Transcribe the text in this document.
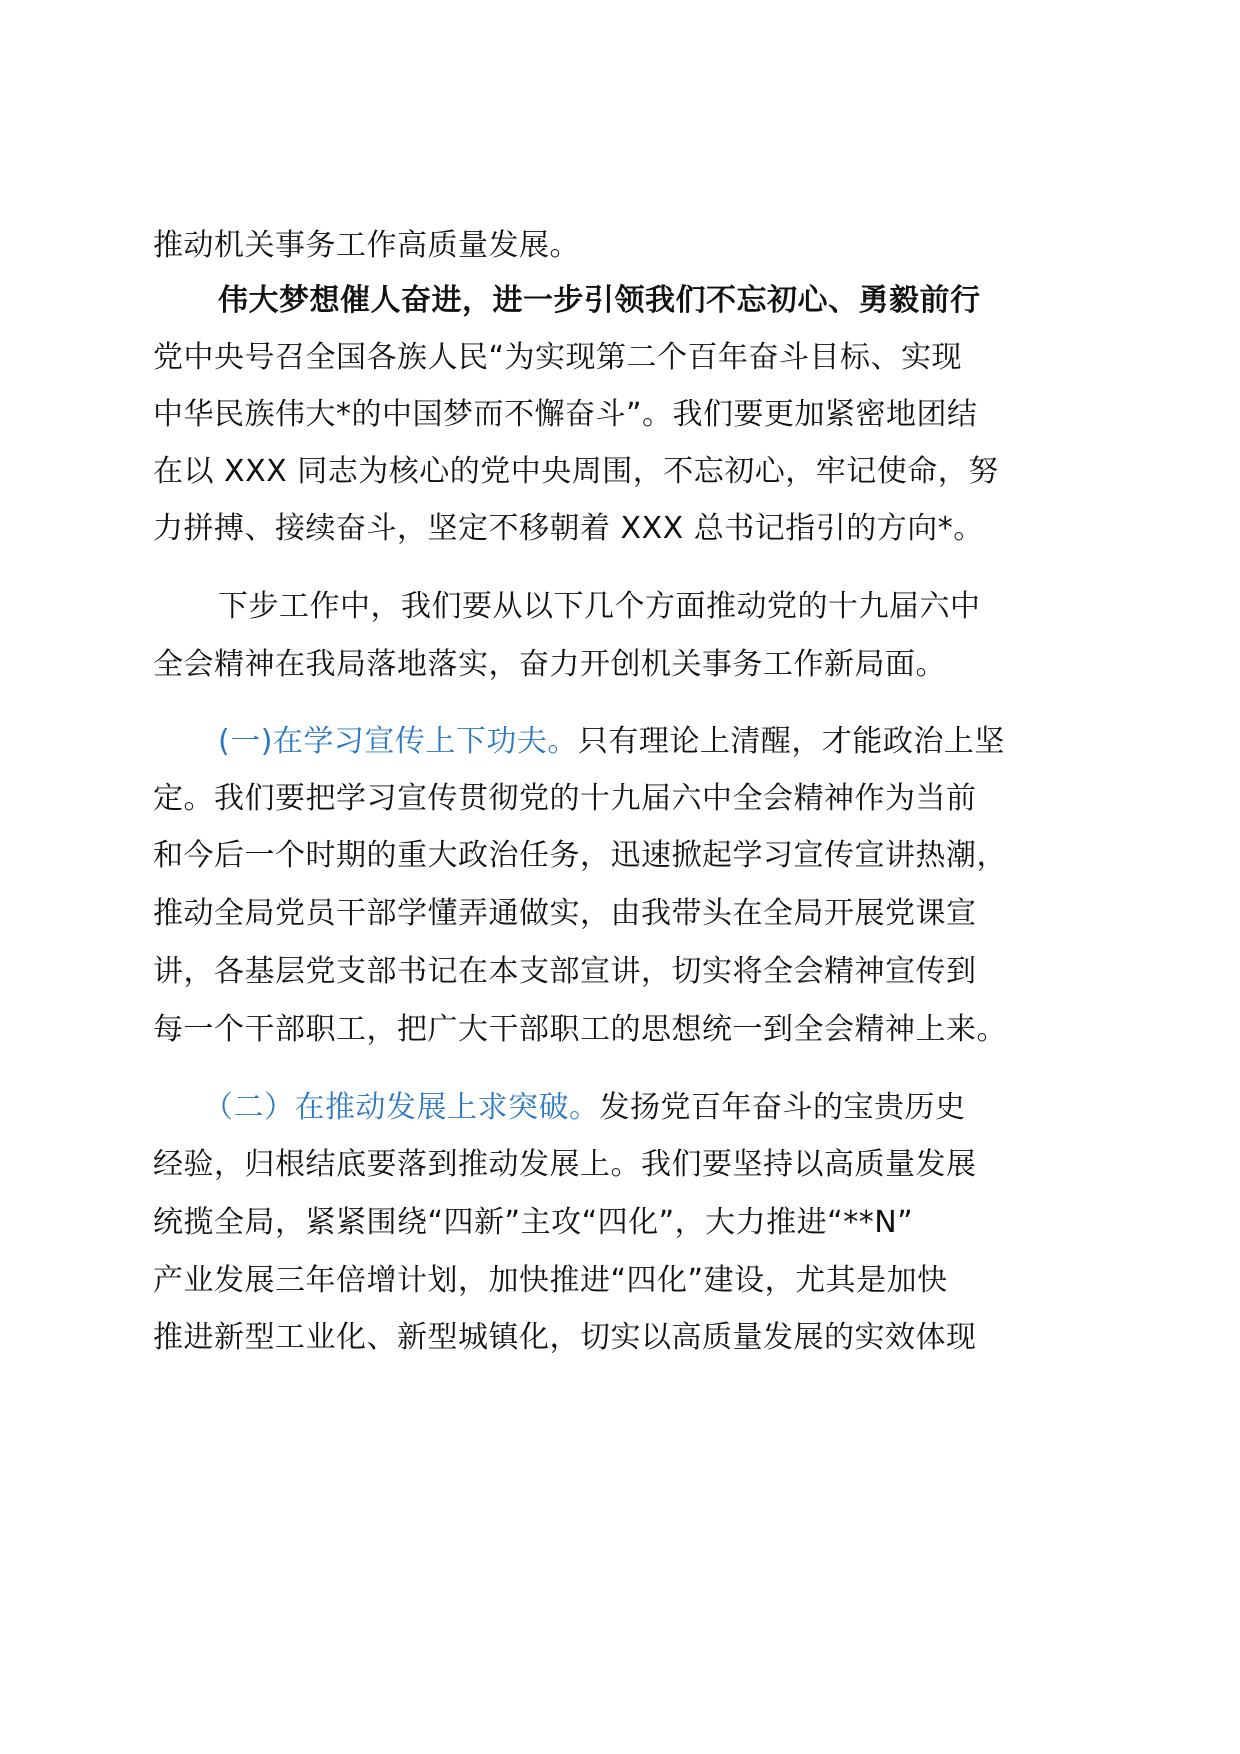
推动机关事务工作高质量发展。
伟大梦想催人奋进，进一步引领我们不忘初心、勇毅前行
党中央号召全国各族人民“为实现第二个百年奋斗目标、实现
中华民族伟大*的中国梦而不懈奋斗”。我们要更加紧密地团结
在以 XXX 同志为核心的党中央周围，不忘初心，牢记使命，努
力拼搏、接续奋斗，坚定不移朝着 XXX 总书记指引的方向*。
下步工作中，我们要从以下几个方面推动党的十九届六中
全会精神在我局落地落实，奋力开创机关事务工作新局面。
(一)在学习宣传上下功夫。只有理论上清醒，才能政治上坚
定。我们要把学习宣传贯彻党的十九届六中全会精神作为当前
和今后一个时期的重大政治任务，迅速掀起学习宣传宣讲热潮，
推动全局党员干部学懂弄通做实，由我带头在全局开展党课宣
讲，各基层党支部书记在本支部宣讲，切实将全会精神宣传到
每一个干部职工，把广大干部职工的思想统一到全会精神上来。
（二）在推动发展上求突破。发扬党百年奋斗的宝贵历史
经验，归根结底要落到推动发展上。我们要坚持以高质量发展
统揽全局，紧紧围绕“四新”主攻“四化”，大力推进“**N”
产业发展三年倍增计划，加快推进“四化”建设，尤其是加快
推进新型工业化、新型城镇化，切实以高质量发展的实效体现
